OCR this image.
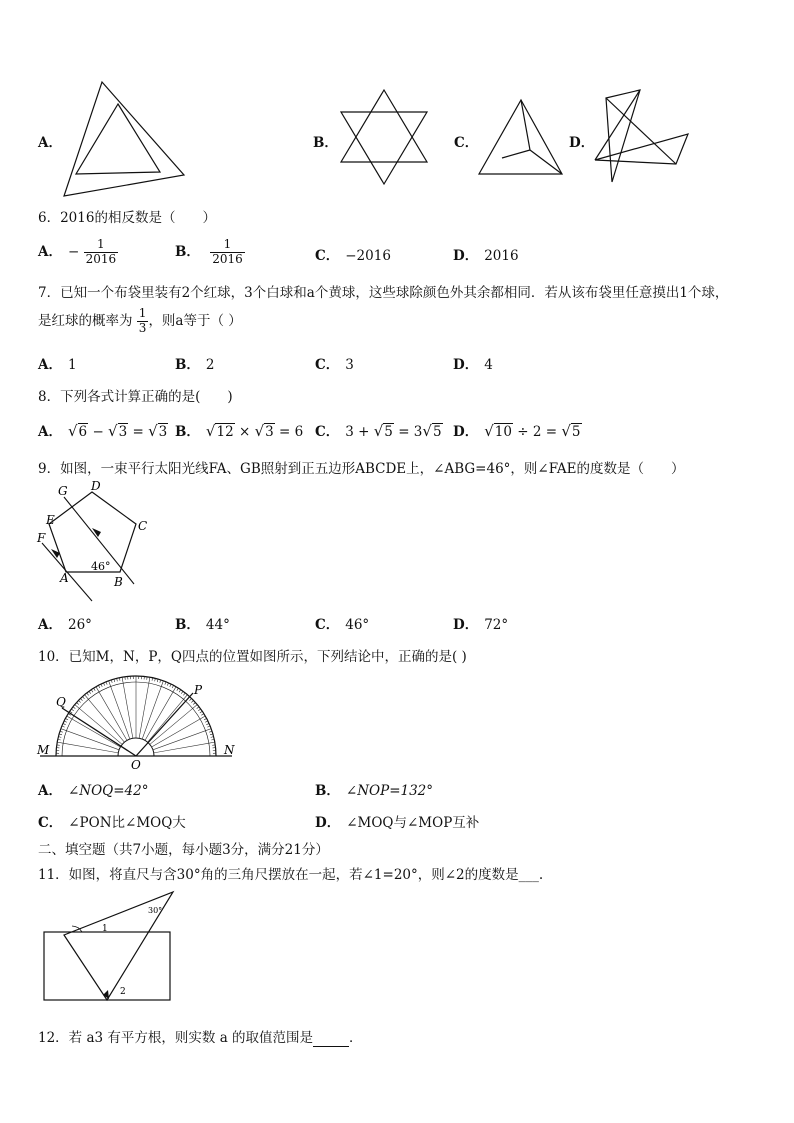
A．	B．	C．	D．
6．2016的相反数是（　　）
A． − $\frac{1}{2016}$	B． $\frac{1}{2016}$	C． −2016	D． 2016
7．已知一个布袋里装有2个红球，3个白球和a个黄球，这些球除颜色外其余都相同．若从该布袋里任意摸出1个球，
是红球的概率为 $\frac{1}{3}$ ，则a等于（ ）
A． 1	B． 2	C． 3	D． 4
8．下列各式计算正确的是(　　)
A． √6 − √3 = √3 B． √12 × √3 = 6 C． 3 + √5 = 3√5 D． √10 ÷ 2 = √5
9．如图，一束平行太阳光线FA、GB照射到正五边形ABCDE上，∠ABG=46°，则∠FAE的度数是（　　）
G D
E	C
F
A	B
46°
A． 26°	B． 44°	C． 46°	D． 72°
10．已知M，N，P，Q四点的位置如图所示，下列结论中，正确的是( )
Q
P
M	N
O
A． ∠NOQ=42°	B． ∠NOP=132°
C． ∠PON比∠MOQ大	D． ∠MOQ与∠MOP互补
二、填空题（共7小题，每小题3分，满分21分）
11．如图，将直尺与含30°角的三角尺摆放在一起，若∠1=20°，则∠2的度数是___.
30°
1
2
12．若 a3 有平方根，则实数 a 的取值范围是	．
